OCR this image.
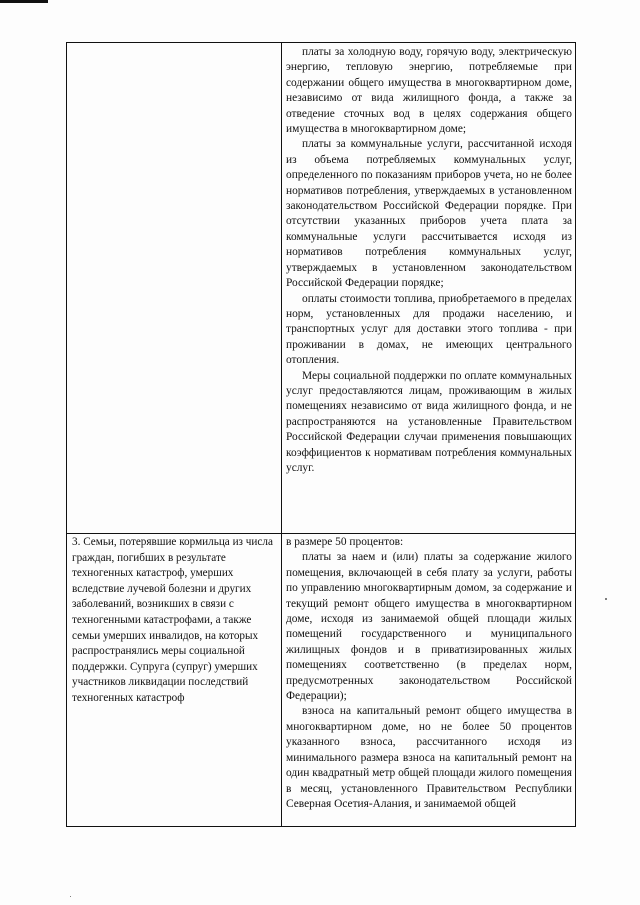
платы за холодную воду, горячую воду, электрическую энергию, тепловую энергию, потребляемые при содержании общего имущества в многоквартирном доме, независимо от вида жилищного фонда, а также за отведение сточных вод в целях содержания общего имущества в многоквартирном доме;

платы за коммунальные услуги, рассчитанной исходя из объема потребляемых коммунальных услуг, определенного по показаниям приборов учета, но не более нормативов потребления, утверждаемых в установленном законодательством Российской Федерации порядке. При отсутствии указанных приборов учета плата за коммунальные услуги рассчитывается исходя из нормативов потребления коммунальных услуг, утверждаемых в установленном законодательством Российской Федерации порядке;

оплаты стоимости топлива, приобретаемого в пределах норм, установленных для продажи населению, и транспортных услуг для доставки этого топлива - при проживании в домах, не имеющих центрального отопления.

Меры социальной поддержки по оплате коммунальных услуг предоставляются лицам, проживающим в жилых помещениях независимо от вида жилищного фонда, и не распространяются на установленные Правительством Российской Федерации случаи применения повышающих коэффициентов к нормативам потребления коммунальных услуг.

3. Семьи, потерявшие кормильца из числа граждан, погибших в результате техногенных катастроф, умерших вследствие лучевой болезни и других заболеваний, возникших в связи с техногенными катастрофами, а также семьи умерших инвалидов, на которых распространялись меры социальной поддержки. Супруга (супруг) умерших участников ликвидации последствий техногенных катастроф

в размере 50 процентов:

платы за наем и (или) платы за содержание жилого помещения, включающей в себя плату за услуги, работы по управлению многоквартирным домом, за содержание и текущий ремонт общего имущества в многоквартирном доме, исходя из занимаемой общей площади жилых помещений государственного и муниципального жилищных фондов и в приватизированных жилых помещениях соответственно (в пределах норм, предусмотренных законодательством Российской Федерации);

взноса на капитальный ремонт общего имущества в многоквартирном доме, но не более 50 процентов указанного взноса, рассчитанного исходя из минимального размера взноса на капитальный ремонт на один квадратный метр общей площади жилого помещения в месяц, установленного Правительством Республики Северная Осетия-Алания, и занимаемой общей
